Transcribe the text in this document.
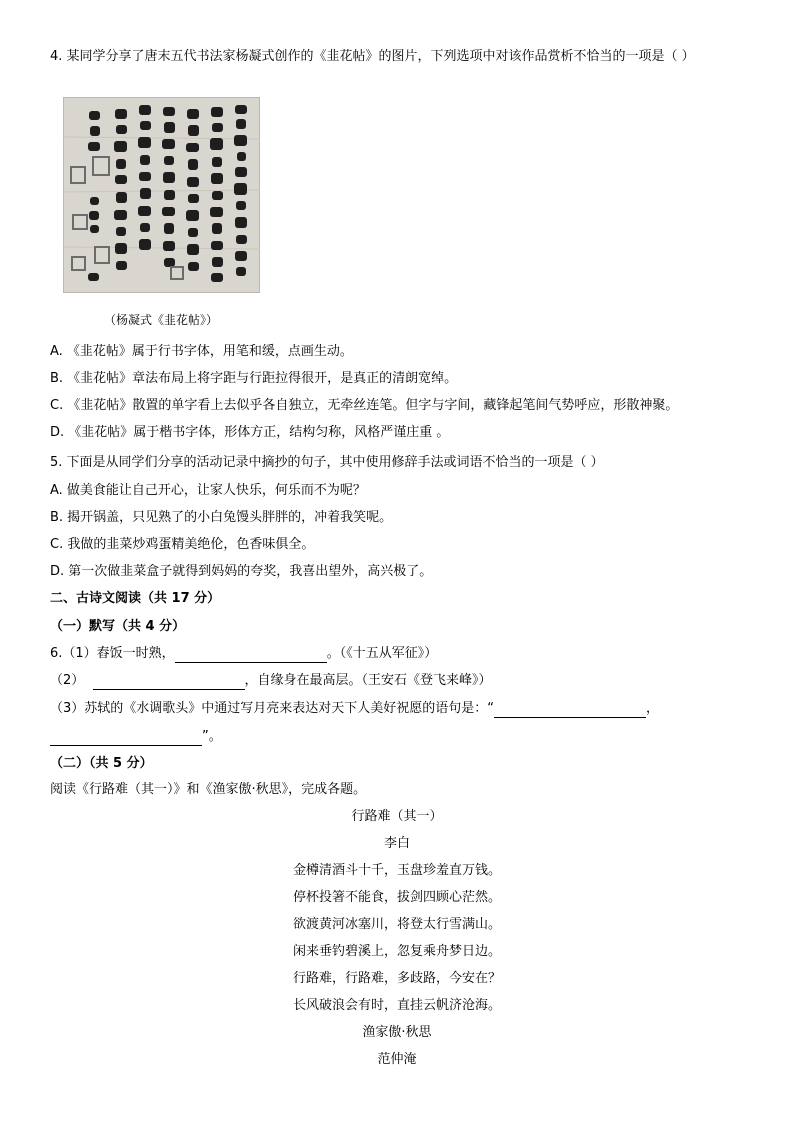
4. 某同学分享了唐末五代书法家杨凝式创作的《韭花帖》的图片，下列选项中对该作品赏析不恰当的一项是（ ）
（杨凝式《韭花帖》）
A. 《韭花帖》属于行书字体，用笔和缓，点画生动。
B. 《韭花帖》章法布局上将字距与行距拉得很开，是真正的清朗宽绰。
C. 《韭花帖》散置的单字看上去似乎各自独立，无牵丝连笔。但字与字间，藏锋起笔间气势呼应，形散神聚。
D. 《韭花帖》属于楷书字体，形体方正，结构匀称，风格严谨庄重 。
5. 下面是从同学们分享的活动记录中摘抄的句子，其中使用修辞手法或词语不恰当的一项是（ ）
A. 做美食能让自己开心，让家人快乐，何乐而不为呢？
B. 揭开锅盖，只见熟了的小白兔馒头胖胖的，冲着我笑呢。
C. 我做的韭菜炒鸡蛋精美绝伦，色香味俱全。
D. 第一次做韭菜盒子就得到妈妈的夸奖，我喜出望外，高兴极了。
二、古诗文阅读（共 17 分）
（一）默写（共 4 分）
6.（1）舂饭一时熟，	。（《十五从军征》）
（2）	，自缘身在最高层。（王安石《登飞来峰》）
（3）苏轼的《水调歌头》中通过写月亮来表达对天下人美好祝愿的语句是：“	，
”。
（二）（共 5 分）
阅读《行路难（其一）》和《渔家傲·秋思》，完成各题。
行路难（其一）
李白
金樽清酒斗十千，玉盘珍羞直万钱。
停杯投箸不能食，拔剑四顾心茫然。
欲渡黄河冰塞川，将登太行雪满山。
闲来垂钓碧溪上，忽复乘舟梦日边。
行路难，行路难，多歧路，今安在？
长风破浪会有时，直挂云帆济沧海。
渔家傲·秋思
范仲淹
